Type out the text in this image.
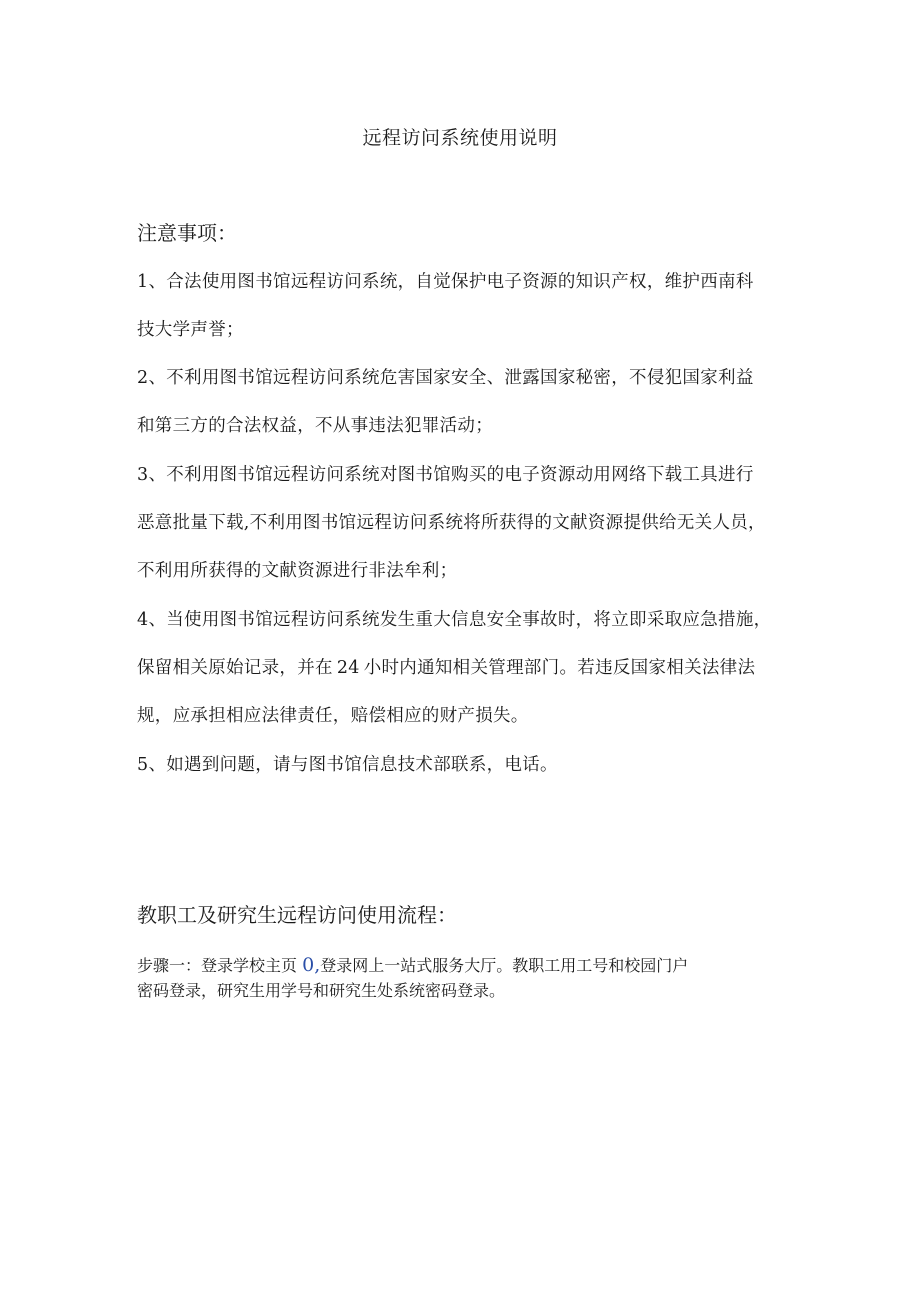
远程访问系统使用说明
注意事项：
1、合法使用图书馆远程访问系统，自觉保护电子资源的知识产权，维护西南科
技大学声誉；
2、不利用图书馆远程访问系统危害国家安全、泄露国家秘密，不侵犯国家利益
和第三方的合法权益，不从事违法犯罪活动；
3、不利用图书馆远程访问系统对图书馆购买的电子资源动用网络下载工具进行
恶意批量下载,不利用图书馆远程访问系统将所获得的文献资源提供给无关人员，
不利用所获得的文献资源进行非法牟利；
4、当使用图书馆远程访问系统发生重大信息安全事故时，将立即采取应急措施，
保留相关原始记录，并在 24 小时内通知相关管理部门。若违反国家相关法律法
规，应承担相应法律责任，赔偿相应的财产损失。
5、如遇到问题，请与图书馆信息技术部联系，电话。
教职工及研究生远程访问使用流程：
步骤一：登录学校主页 0,登录网上一站式服务大厅。教职工用工号和校园门户
密码登录，研究生用学号和研究生处系统密码登录。
